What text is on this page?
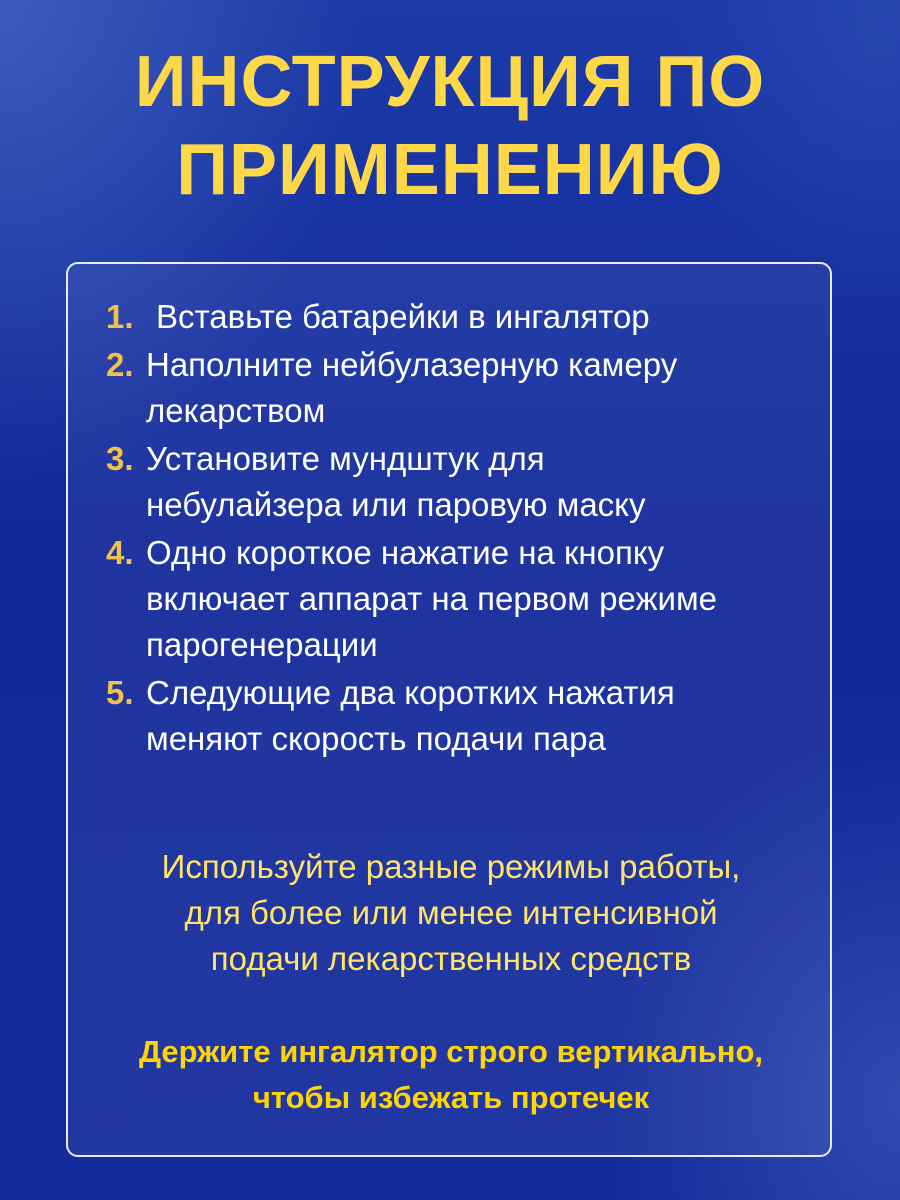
ИНСТРУКЦИЯ ПО
ПРИМЕНЕНИЮ
1. Вставьте батарейки в ингалятор
2. Наполните нейбулазерную камеру
лекарством
3. Установите мундштук для
небулайзера или паровую маску
4. Одно короткое нажатие на кнопку
включает аппарат на первом режиме
парогенерации
5. Следующие два коротких нажатия
меняют скорость подачи пара
Используйте разные режимы работы,
для более или менее интенсивной
подачи лекарственных средств
Держите ингалятор строго вертикально,
чтобы избежать протечек
